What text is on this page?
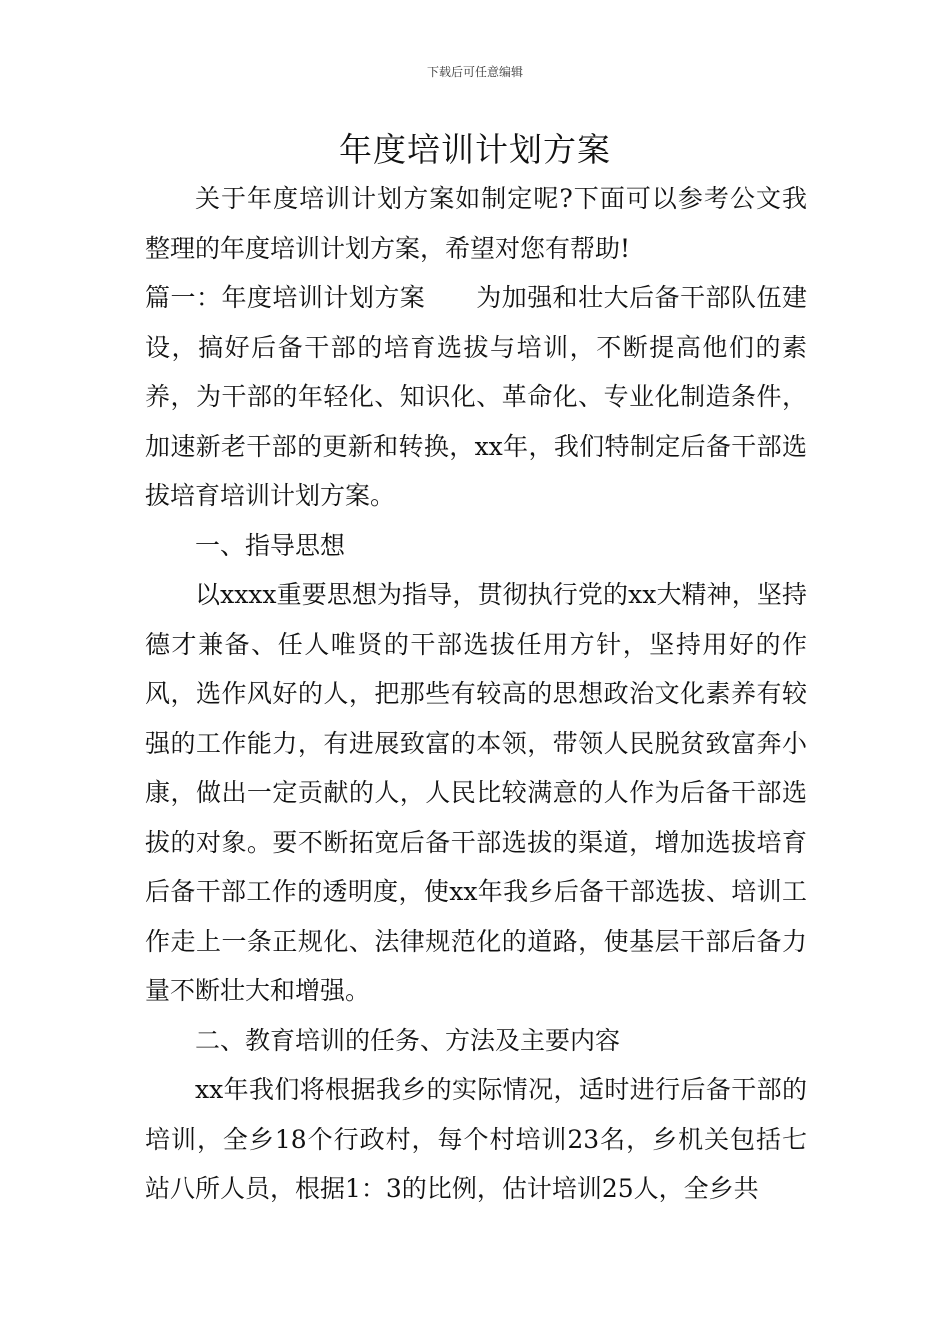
下载后可任意编辑
年度培训计划方案

关于年度培训计划方案如制定呢?下面可以参考公文我整理的年度培训计划方案，希望对您有帮助!

篇一：年度培训计划方案　　为加强和壮大后备干部队伍建设，搞好后备干部的培育选拔与培训，不断提高他们的素养，为干部的年轻化、知识化、革命化、专业化制造条件，加速新老干部的更新和转换，xx年，我们特制定后备干部选拔培育培训计划方案。

一、指导思想

以xxxx重要思想为指导，贯彻执行党的xx大精神，坚持德才兼备、任人唯贤的干部选拔任用方针，坚持用好的作风，选作风好的人，把那些有较高的思想政治文化素养有较强的工作能力，有进展致富的本领，带领人民脱贫致富奔小康，做出一定贡献的人，人民比较满意的人作为后备干部选拔的对象。要不断拓宽后备干部选拔的渠道，增加选拔培育后备干部工作的透明度，使xx年我乡后备干部选拔、培训工作走上一条正规化、法律规范化的道路，使基层干部后备力量不断壮大和增强。

二、教育培训的任务、方法及主要内容

xx年我们将根据我乡的实际情况，适时进行后备干部的培训，全乡18个行政村，每个村培训23名，乡机关包括七站八所人员，根据1：3的比例，估计培训25人，全乡共
